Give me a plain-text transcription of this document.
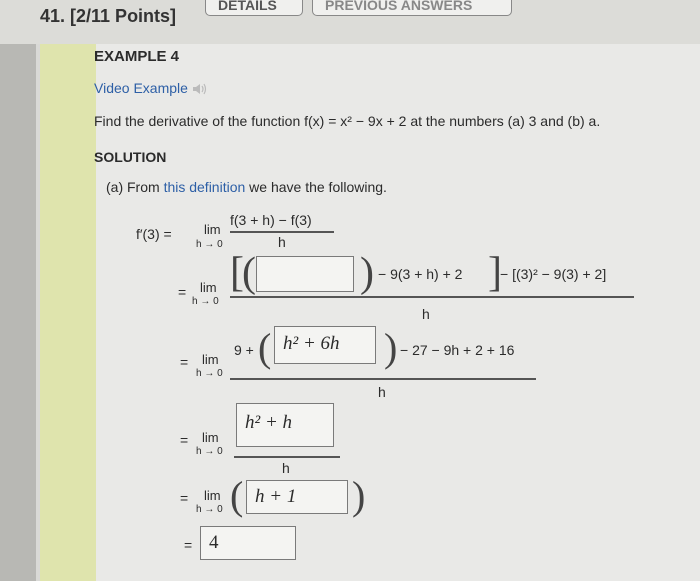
41. [2/11 Points]
DETAILS	PREVIOUS ANSWERS
EXAMPLE 4
Video Example
Find the derivative of the function f(x) = x² − 9x + 2 at the numbers (a) 3 and (b) a.
SOLUTION
(a) From this definition we have the following.
f′(3) = lim
h → 0
f(3 + h) − f(3)
h
= lim
h → 0
[
( ) − 9(3 + h) + 2 ]
− [(3)² − 9(3) + 2]
h
= lim
h → 0
9 + ( h² + 6h ) − 27 − 9h + 2 + 16
h
= lim
h → 0
h² + h
h
= lim
h → 0 ( h + 1 )
= 4
